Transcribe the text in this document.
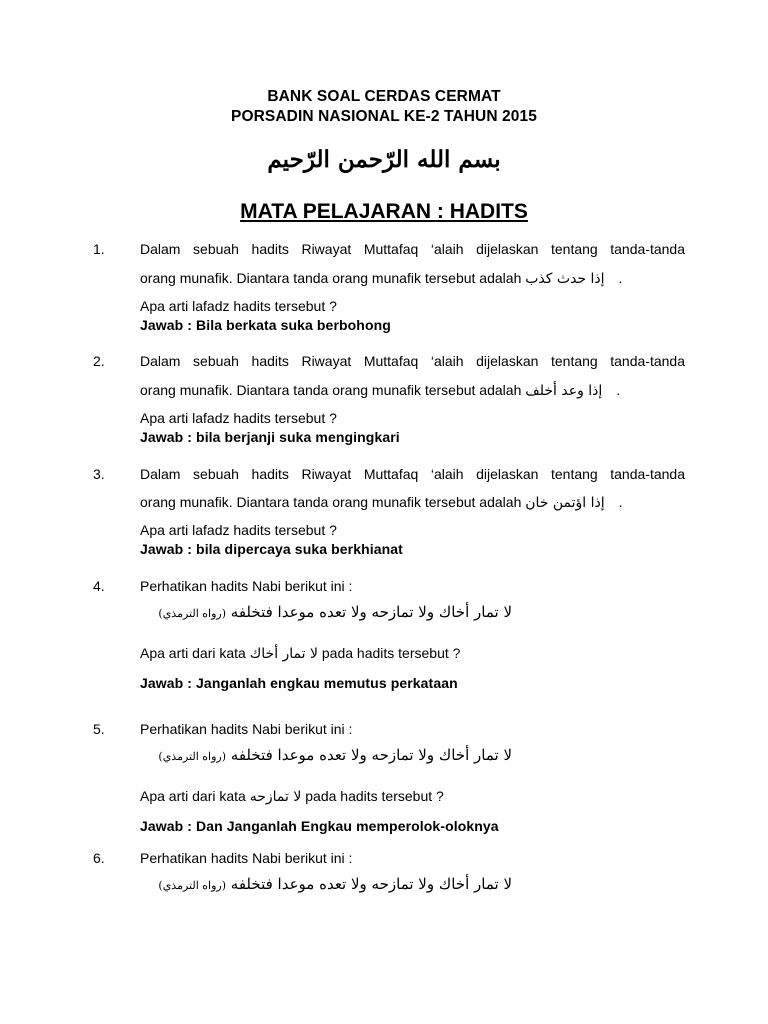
BANK SOAL CERDAS CERMAT
PORSADIN NASIONAL KE-2 TAHUN 2015
بسم الله الرّحمن الرّحيم
MATA PELAJARAN : HADITS
1.	Dalam sebuah hadits Riwayat Muttafaq ‘alaih dijelaskan tentang tanda-tanda
orang munafik. Diantara tanda orang munafik tersebut adalah إذا حدث كذب .
Apa arti lafadz hadits tersebut ?
Jawab : Bila berkata suka berbohong
2.	Dalam sebuah hadits Riwayat Muttafaq ‘alaih dijelaskan tentang tanda-tanda
orang munafik. Diantara tanda orang munafik tersebut adalah إذا وعد أخلف .
Apa arti lafadz hadits tersebut ?
Jawab : bila berjanji suka mengingkari
3.	Dalam sebuah hadits Riwayat Muttafaq ‘alaih dijelaskan tentang tanda-tanda
orang munafik. Diantara tanda orang munafik tersebut adalah إذا اؤتمن خان .
Apa arti lafadz hadits tersebut ?
Jawab : bila dipercaya suka berkhianat
4.	Perhatikan hadits Nabi berikut ini :
لا تمار أخاك ولا تمازحه ولا تعده موعدا فتخلفه (رواه الترمذي)
Apa arti dari kata لا تمار أخاك pada hadits tersebut ?
Jawab : Janganlah engkau memutus perkataan
5.	Perhatikan hadits Nabi berikut ini :
لا تمار أخاك ولا تمازحه ولا تعده موعدا فتخلفه (رواه الترمذي)
Apa arti dari kata لا تمازحه pada hadits tersebut ?
Jawab : Dan Janganlah Engkau memperolok-oloknya
6.	Perhatikan hadits Nabi berikut ini :
لا تمار أخاك ولا تمازحه ولا تعده موعدا فتخلفه (رواه الترمذي)
